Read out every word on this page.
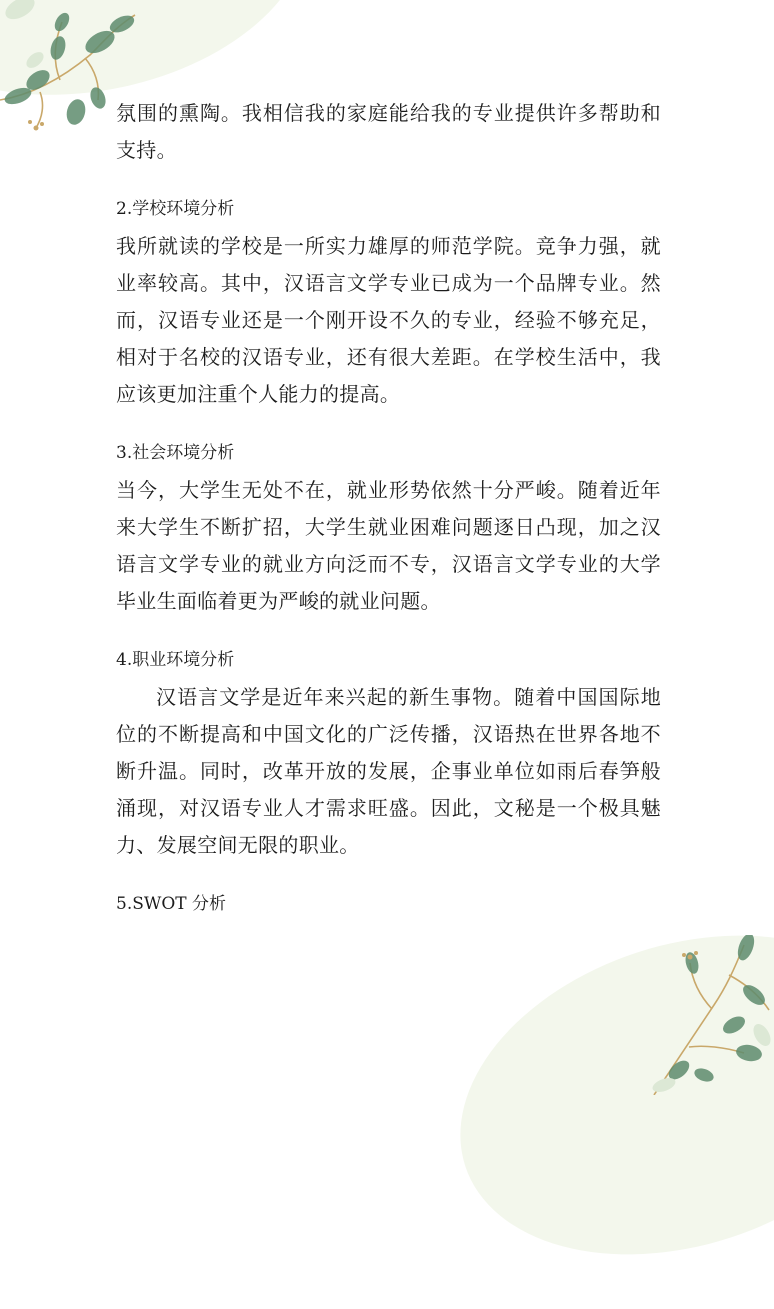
氛围的熏陶。我相信我的家庭能给我的专业提供许多帮助和支持。

2.学校环境分析

我所就读的学校是一所实力雄厚的师范学院。竞争力强，就业率较高。其中，汉语言文学专业已成为一个品牌专业。然而，汉语专业还是一个刚开设不久的专业，经验不够充足，相对于名校的汉语专业，还有很大差距。在学校生活中，我应该更加注重个人能力的提高。

3.社会环境分析

当今，大学生无处不在，就业形势依然十分严峻。随着近年来大学生不断扩招，大学生就业困难问题逐日凸现，加之汉语言文学专业的就业方向泛而不专，汉语言文学专业的大学毕业生面临着更为严峻的就业问题。

4.职业环境分析

汉语言文学是近年来兴起的新生事物。随着中国国际地位的不断提高和中国文化的广泛传播，汉语热在世界各地不断升温。同时，改革开放的发展，企事业单位如雨后春笋般涌现，对汉语专业人才需求旺盛。因此，文秘是一个极具魅力、发展空间无限的职业。

5.SWOT 分析
